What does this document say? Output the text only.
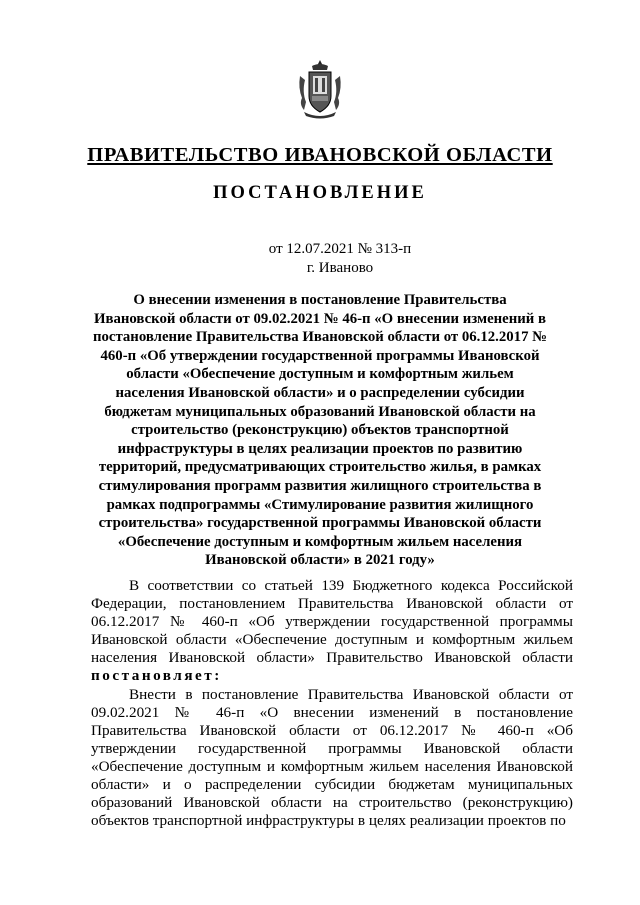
ПРАВИТЕЛЬСТВО ИВАНОВСКОЙ ОБЛАСТИ
ПОСТАНОВЛЕНИЕ
от 12.07.2021 № 313-п
г. Иваново
О внесении изменения в постановление Правительства Ивановской области от 09.02.2021 № 46-п «О внесении изменений в постановление Правительства Ивановской области от 06.12.2017 № 460-п «Об утверждении государственной программы Ивановской области «Обеспечение доступным и комфортным жильем населения Ивановской области» и о распределении субсидии бюджетам муниципальных образований Ивановской области на строительство (реконструкцию) объектов транспортной инфраструктуры в целях реализации проектов по развитию территорий, предусматривающих строительство жилья, в рамках стимулирования программ развития жилищного строительства в рамках подпрограммы «Стимулирование развития жилищного строительства» государственной программы Ивановской области «Обеспечение доступным и комфортным жильем населения Ивановской области» в 2021 году»

В соответствии со статьей 139 Бюджетного кодекса Российской Федерации, постановлением Правительства Ивановской области от 06.12.2017 № 460-п «Об утверждении государственной программы Ивановской области «Обеспечение доступным и комфортным жильем населения Ивановской области» Правительство Ивановской области постановляет:

Внести в постановление Правительства Ивановской области от 09.02.2021 № 46-п «О внесении изменений в постановление Правительства Ивановской области от 06.12.2017 № 460-п «Об утверждении государственной программы Ивановской области «Обеспечение доступным и комфортным жильем населения Ивановской области» и о распределении субсидии бюджетам муниципальных образований Ивановской области на строительство (реконструкцию) объектов транспортной инфраструктуры в целях реализации проектов по
